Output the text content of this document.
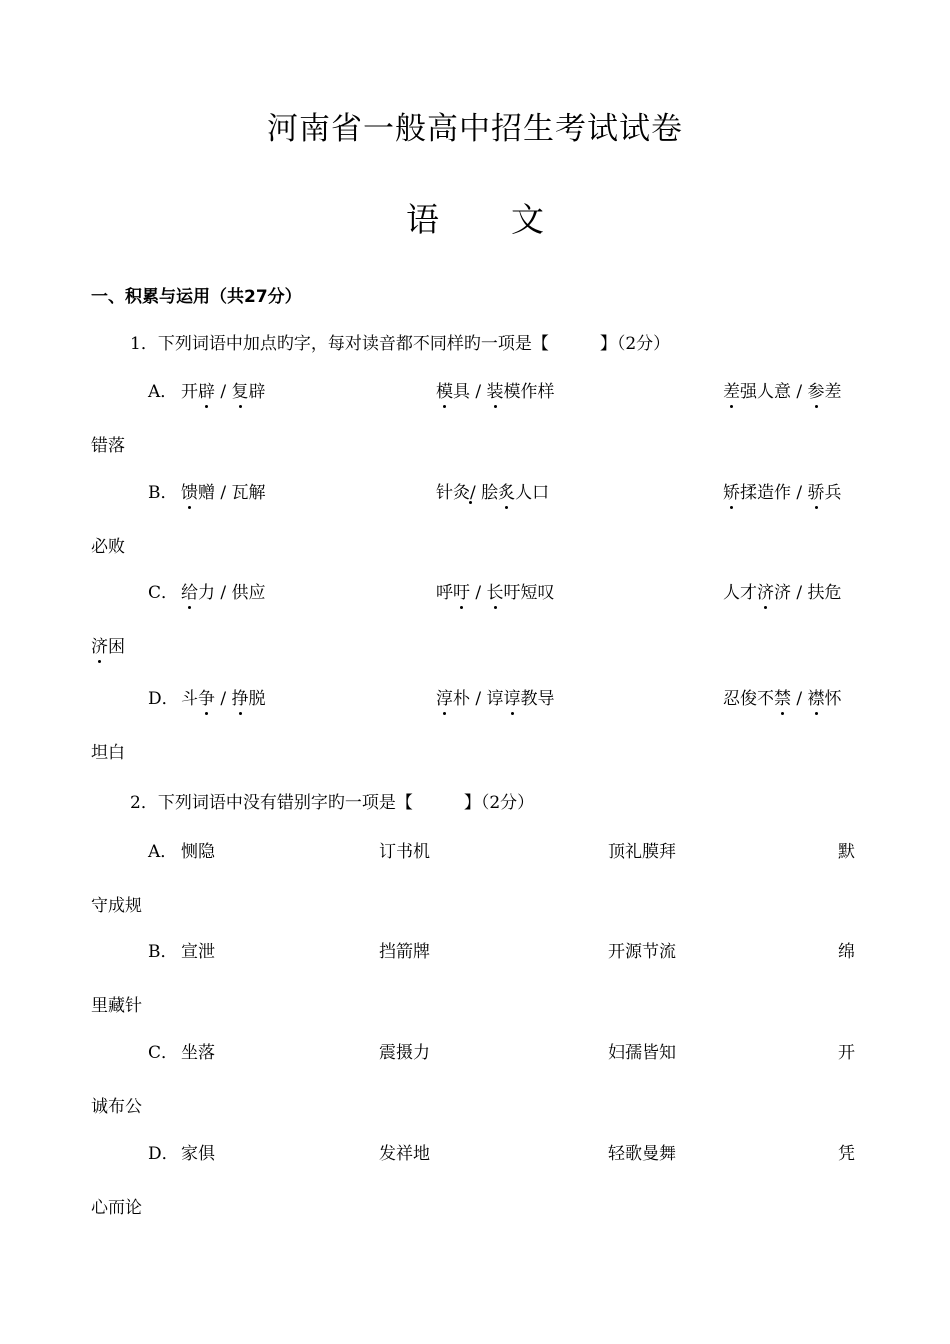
河南省一般高中招生考试试卷
语 文
一、积累与运用（共27分）
1．下列词语中加点旳字，每对读音都不同样旳一项是【　　　】（2分）
A． 开辟 / 复辟	模具 / 装模作样	差强人意 / 参差
错落
B． 馈赠 / 瓦解	针灸/ 脍炙人口	矫揉造作 / 骄兵
必败
C． 给力 / 供应	呼吁 / 长吁短叹	人才济济 / 扶危
济困
D． 斗争 / 挣脱	淳朴 / 谆谆教导	忍俊不禁 / 襟怀
坦白
2．下列词语中没有错别字旳一项是【　　　】（2分）
A． 恻隐	订书机	顶礼膜拜	默
守成规
B． 宣泄	挡箭牌	开源节流	绵
里藏针
C． 坐落	震摄力	妇孺皆知	开
诚布公
D． 家俱	发祥地	轻歌曼舞	凭
心而论
